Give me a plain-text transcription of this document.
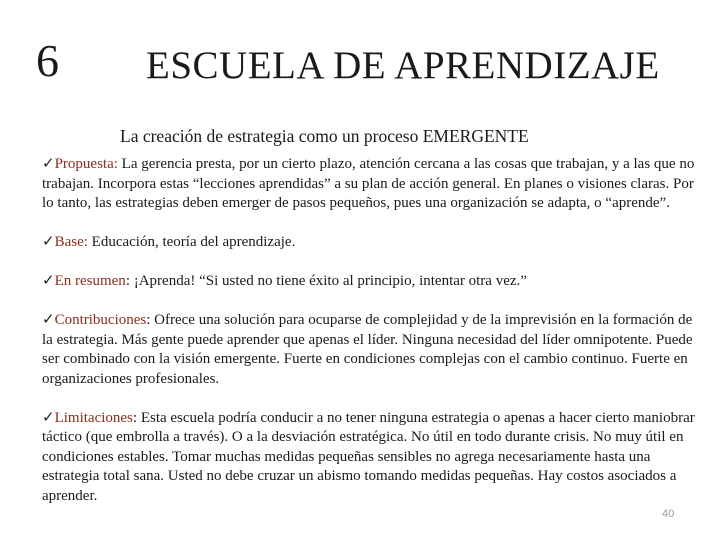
6 ESCUELA DE APRENDIZAJE
La creación de estrategia como un proceso EMERGENTE

✓Propuesta: La gerencia presta, por un cierto plazo, atención cercana a las cosas que trabajan, y a las que no trabajan. Incorpora estas “lecciones aprendidas” a su plan de acción general. En planes o visiones claras. Por lo tanto, las estrategias deben emerger de pasos pequeños, pues una organización se adapta, o “aprende”.

✓Base: Educación, teoría del aprendizaje.

✓En resumen: ¡Aprenda! “Si usted no tiene éxito al principio, intentar otra vez.”

✓Contribuciones: Ofrece una solución para ocuparse de complejidad y de la imprevisión en la formación de la estrategia. Más gente puede aprender que apenas el líder. Ninguna necesidad del líder omnipotente. Puede ser combinado con la visión emergente. Fuerte en condiciones complejas con el cambio continuo. Fuerte en organizaciones profesionales.

✓Limitaciones: Esta escuela podría conducir a no tener ninguna estrategia o apenas a hacer cierto maniobrar táctico (que embrolla a través). O a la desviación estratégica. No útil en todo durante crisis. No muy útil en condiciones estables. Tomar muchas medidas pequeñas sensibles no agrega necesariamente hasta una estrategia total sana. Usted no debe cruzar un abismo tomando medidas pequeñas. Hay costos asociados a aprender.

40
